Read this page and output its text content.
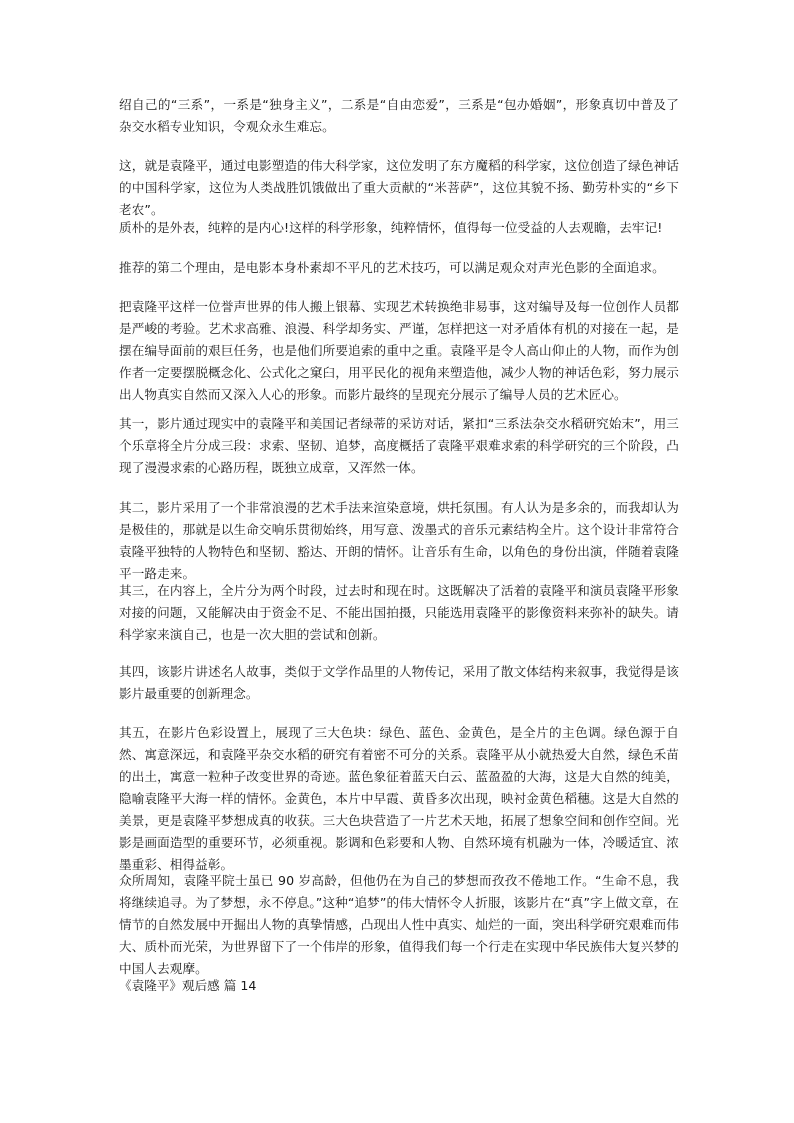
绍自己的“三系”，一系是“独身主义”，二系是“自由恋爱”，三系是“包办婚姻”，形象真切中普及了杂交水稻专业知识，令观众永生难忘。

这，就是袁隆平，通过电影塑造的伟大科学家，这位发明了东方魔稻的科学家，这位创造了绿色神话的中国科学家，这位为人类战胜饥饿做出了重大贡献的“米菩萨”，这位其貌不扬、勤劳朴实的“乡下老农”。

质朴的是外表，纯粹的是内心!这样的科学形象，纯粹情怀，值得每一位受益的人去观瞻，去牢记!

推荐的第二个理由，是电影本身朴素却不平凡的艺术技巧，可以满足观众对声光色影的全面追求。

把袁隆平这样一位誉声世界的伟人搬上银幕、实现艺术转换绝非易事，这对编导及每一位创作人员都是严峻的考验。艺术求高雅、浪漫、科学却务实、严谨，怎样把这一对矛盾体有机的对接在一起，是摆在编导面前的艰巨任务，也是他们所要追索的重中之重。袁隆平是令人高山仰止的人物，而作为创作者一定要摆脱概念化、公式化之窠臼，用平民化的视角来塑造他，减少人物的神话色彩，努力展示出人物真实自然而又深入人心的形象。而影片最终的呈现充分展示了编导人员的艺术匠心。

其一，影片通过现实中的袁隆平和美国记者绿蒂的采访对话，紧扣“三系法杂交水稻研究始末”，用三个乐章将全片分成三段：求索、坚韧、追梦，高度概括了袁隆平艰难求索的科学研究的三个阶段，凸现了漫漫求索的心路历程，既独立成章，又浑然一体。

其二，影片采用了一个非常浪漫的艺术手法来渲染意境，烘托氛围。有人认为是多余的，而我却认为是极佳的，那就是以生命交响乐贯彻始终，用写意、泼墨式的音乐元素结构全片。这个设计非常符合袁隆平独特的人物特色和坚韧、豁达、开朗的情怀。让音乐有生命，以角色的身份出演，伴随着袁隆平一路走来。

其三，在内容上，全片分为两个时段，过去时和现在时。这既解决了活着的袁隆平和演员袁隆平形象对接的问题，又能解决由于资金不足、不能出国拍摄，只能选用袁隆平的影像资料来弥补的缺失。请科学家来演自己，也是一次大胆的尝试和创新。

其四，该影片讲述名人故事，类似于文学作品里的人物传记，采用了散文体结构来叙事，我觉得是该影片最重要的创新理念。

其五，在影片色彩设置上，展现了三大色块：绿色、蓝色、金黄色，是全片的主色调。绿色源于自然、寓意深远，和袁隆平杂交水稻的研究有着密不可分的关系。袁隆平从小就热爱大自然，绿色禾苗的出土，寓意一粒种子改变世界的奇迹。蓝色象征着蓝天白云、蓝盈盈的大海，这是大自然的纯美，隐喻袁隆平大海一样的情怀。金黄色，本片中早霞、黄昏多次出现，映衬金黄色稻穗。这是大自然的美景，更是袁隆平梦想成真的收获。三大色块营造了一片艺术天地，拓展了想象空间和创作空间。光影是画面造型的重要环节，必须重视。影调和色彩要和人物、自然环境有机融为一体，冷暖适宜、浓墨重彩、相得益彰。

众所周知，袁隆平院士虽已 90 岁高龄，但他仍在为自己的梦想而孜孜不倦地工作。“生命不息，我将继续追寻。为了梦想，永不停息。”这种“追梦”的伟大情怀令人折服，该影片在“真”字上做文章，在情节的自然发展中开掘出人物的真挚情感，凸现出人性中真实、灿烂的一面，突出科学研究艰难而伟大、质朴而光荣，为世界留下了一个伟岸的形象，值得我们每一个行走在实现中华民族伟大复兴梦的中国人去观摩。

《袁隆平》观后感 篇 14
